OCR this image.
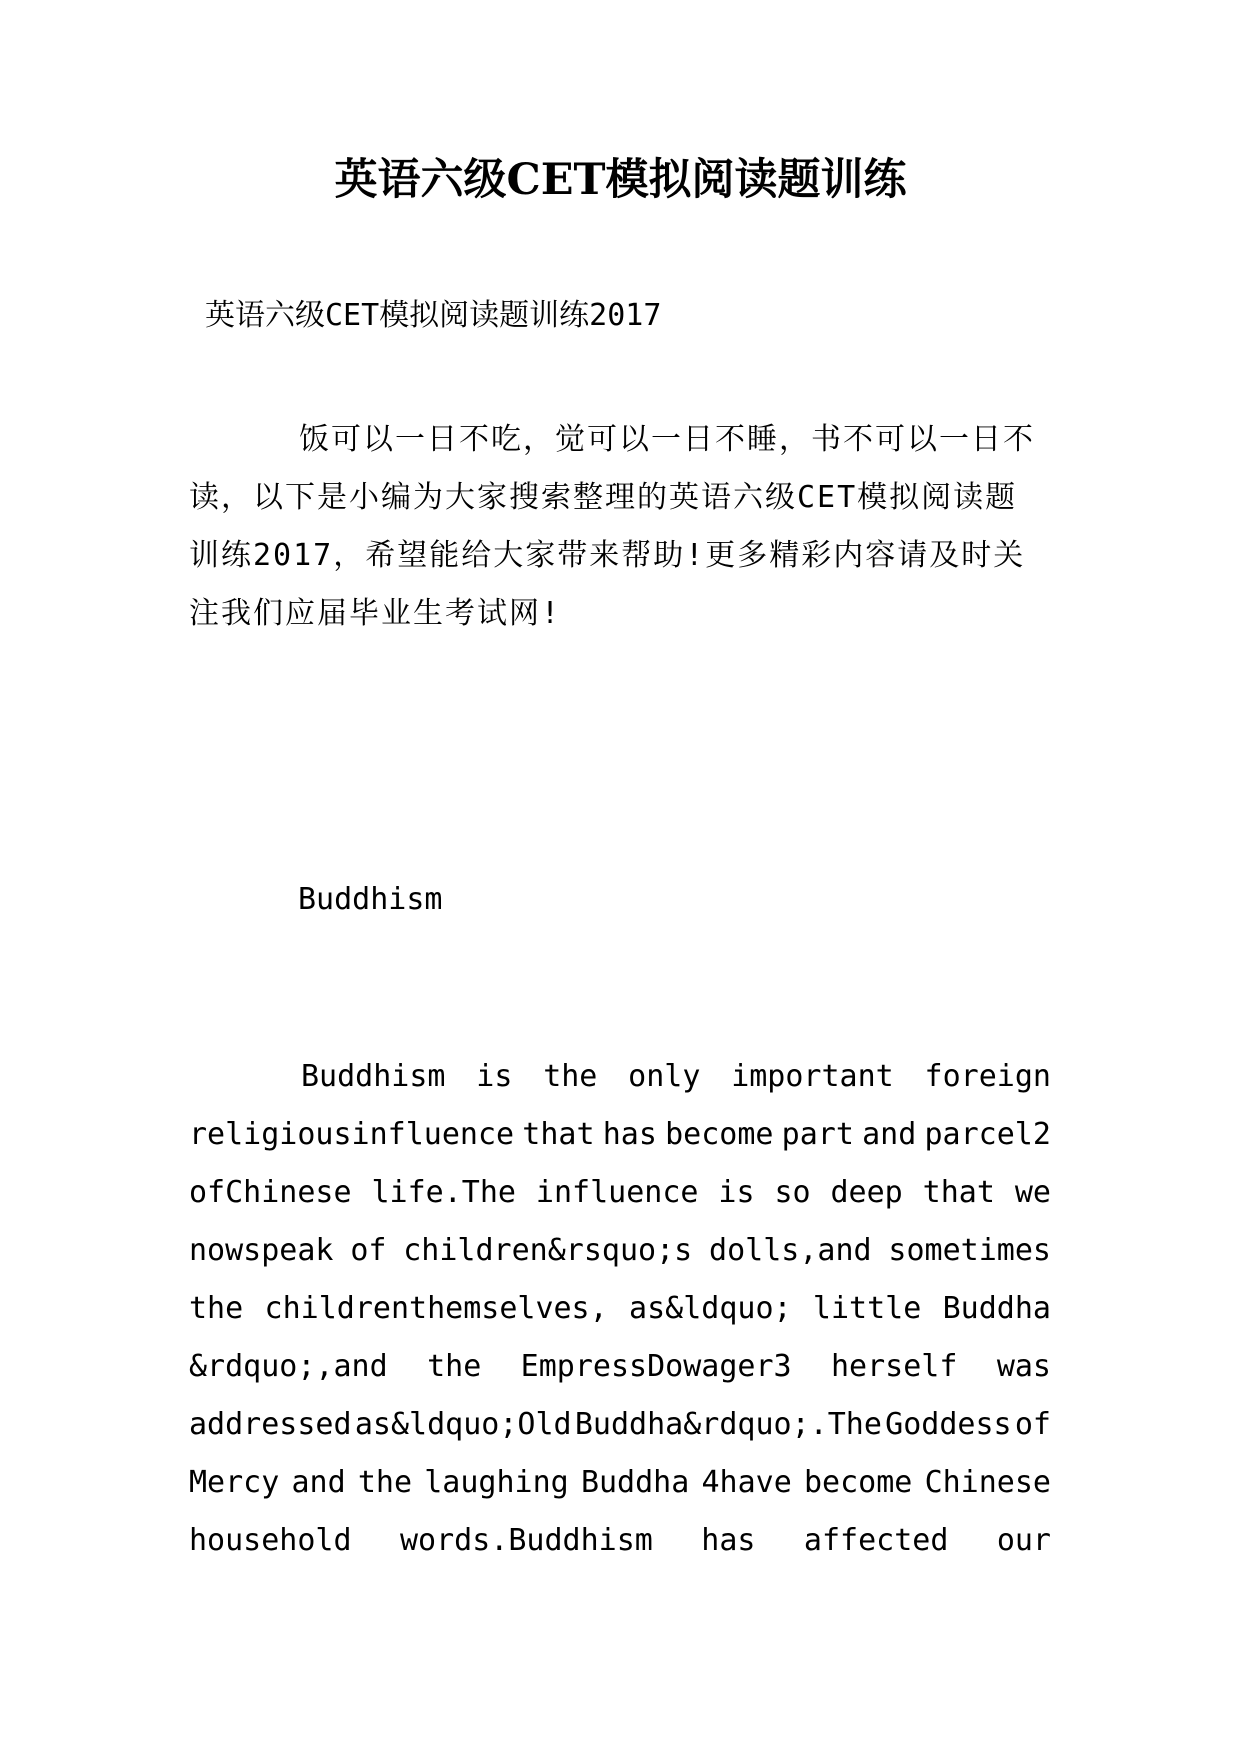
英语六级CET模拟阅读题训练
英语六级CET模拟阅读题训练2017
饭可以一日不吃，觉可以一日不睡，书不可以一日不
读，以下是小编为大家搜索整理的英语六级CET模拟阅读题
训练2017，希望能给大家带来帮助!更多精彩内容请及时关
注我们应届毕业生考试网!
Buddhism
Buddhism is the only important foreign
religiousinfluence that has become part and parcel2
ofChinese life.The influence is so deep that we
nowspeak of children&rsquo;s dolls,and sometimes
the childrenthemselves, as&ldquo; little Buddha
&rdquo;,and the EmpressDowager3 herself was
addressed as&ldquo;Old Buddha&rdquo;.The Goddess of
Mercy and the laughing Buddha 4have become Chinese
household words.Buddhism has affected our
